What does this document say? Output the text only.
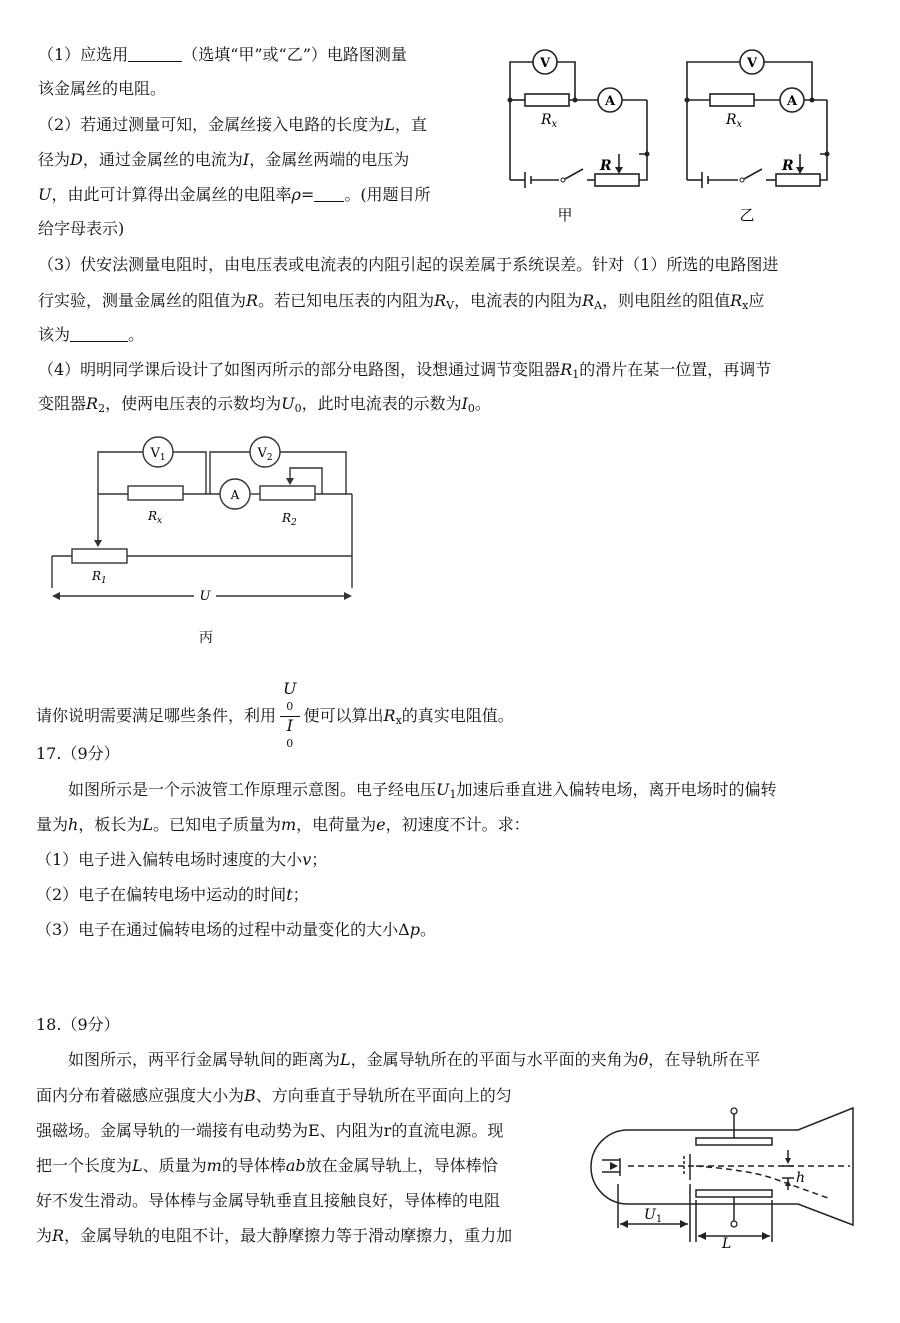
（1）应选用	（选填“甲”或“乙”）电路图测量
该金属丝的电阻。
（2）若通过测量可知，金属丝接入电路的长度为L，直
径为D，通过金属丝的电流为I，金属丝两端的电压为
U，由此可计算得出金属丝的电阻率ρ= 。(用题目所
给字母表示)
（3）伏安法测量电阻时，由电压表或电流表的内阻引起的误差属于系统误差。针对（1）所选的电路图进
行实验，测量金属丝的阻值为R。若已知电压表的内阻为$R_V$，电流表的内阻为$R_A$，则电阻丝的阻值$R_x$应
该为	。
（4）明明同学课后设计了如图丙所示的部分电路图，设想通过调节变阻器$R_1$的滑片在某一位置，再调节
变阻器$R_2$，使两电压表的示数均为$U_0$，此时电流表的示数为$I_0$。
V
A
$R_x$
R
甲
V
A
$R_x$
R
乙
$V_1$	$V_2$
A
$R_x$	$R_2$
$R_1$
U
丙
请你说明需要满足哪些条件，利用 U
0
I
0 便可以算出$R_x$的真实电阻值。
17.（9分）
如图所示是一个示波管工作原理示意图。电子经电压$U_1$加速后垂直进入偏转电场，离开电场时的偏转
量为h，板长为L。已知电子质量为m，电荷量为e，初速度不计。求：
（1）电子进入偏转电场时速度的大小v；
（2）电子在偏转电场中运动的时间t；
（3）电子在通过偏转电场的过程中动量变化的大小Δp。
18.（9分）
如图所示，两平行金属导轨间的距离为L，金属导轨所在的平面与水平面的夹角为θ，在导轨所在平
面内分布着磁感应强度大小为B、方向垂直于导轨所在平面向上的匀
强磁场。金属导轨的一端接有电动势为E、内阻为r的直流电源。现
把一个长度为L、质量为m的导体棒ab放在金属导轨上，导体棒恰
好不发生滑动。导体棒与金属导轨垂直且接触良好，导体棒的电阻
为R，金属导轨的电阻不计，最大静摩擦力等于滑动摩擦力，重力加
$U_1$
L
h
